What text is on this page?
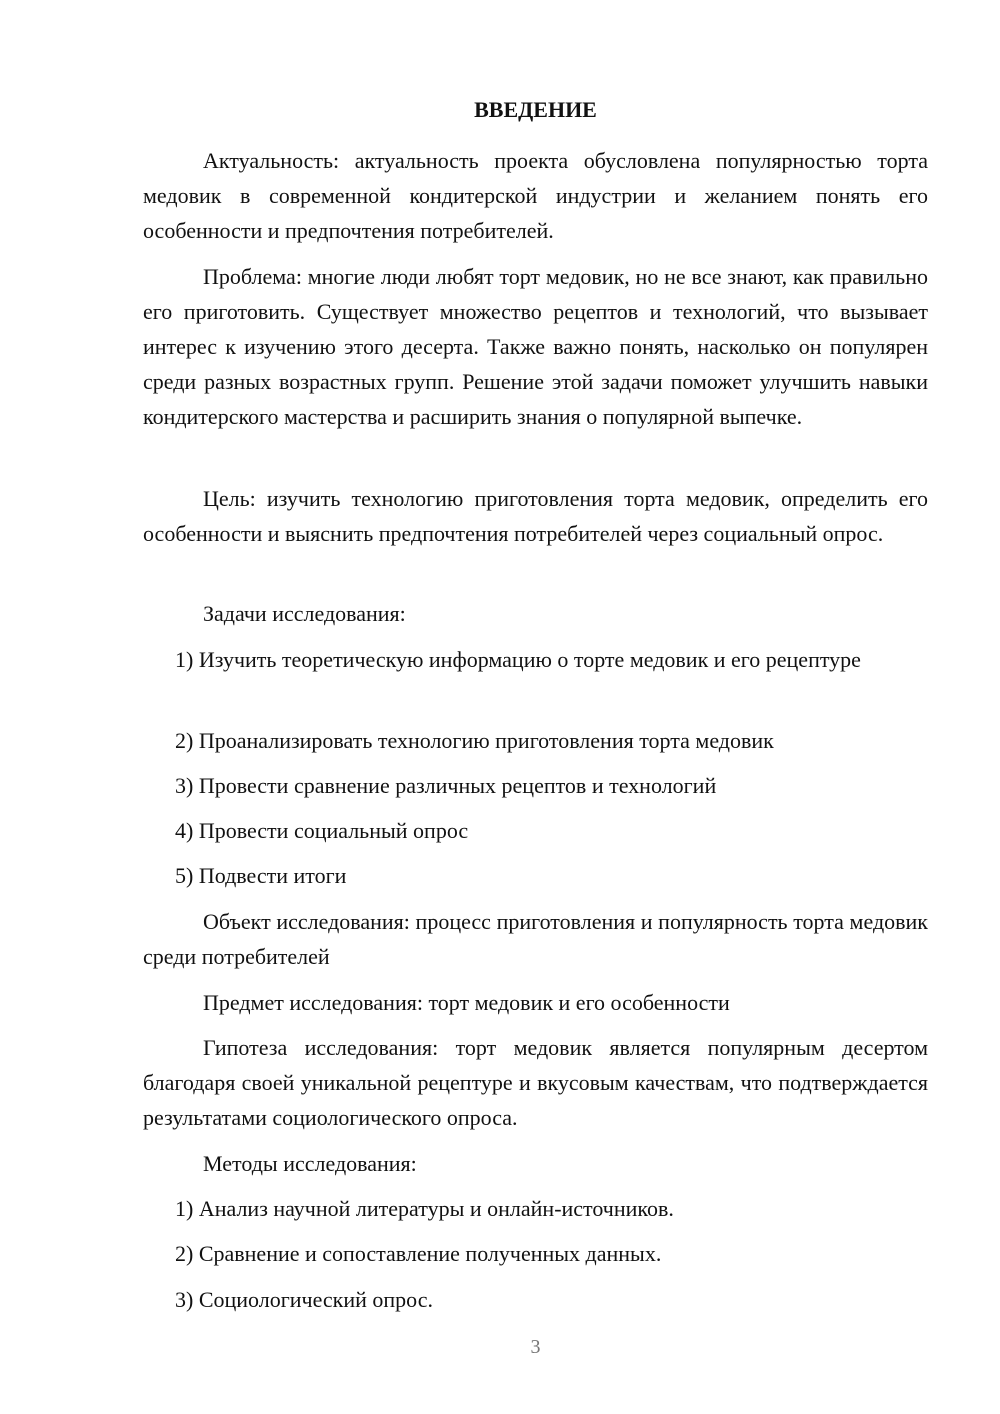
ВВЕДЕНИЕ

Актуальность: актуальность проекта обусловлена популярностью торта медовик в современной кондитерской индустрии и желанием понять его особенности и предпочтения потребителей.

Проблема: многие люди любят торт медовик, но не все знают, как правильно его приготовить. Существует множество рецептов и технологий, что вызывает интерес к изучению этого десерта. Также важно понять, насколько он популярен среди разных возрастных групп. Решение этой задачи поможет улучшить навыки кондитерского мастерства и расширить знания о популярной выпечке.

Цель: изучить технологию приготовления торта медовик, определить его особенности и выяснить предпочтения потребителей через социальный опрос.

Задачи исследования:

1) Изучить теоретическую информацию о торте медовик и его рецептуре

2) Проанализировать технологию приготовления торта медовик

3) Провести сравнение различных рецептов и технологий

4) Провести социальный опрос

5) Подвести итоги

Объект исследования: процесс приготовления и популярность торта медовик среди потребителей

Предмет исследования: торт медовик и его особенности

Гипотеза исследования: торт медовик является популярным десертом благодаря своей уникальной рецептуре и вкусовым качествам, что подтверждается результатами социологического опроса.

Методы исследования:

1) Анализ научной литературы и онлайн-источников.

2) Сравнение и сопоставление полученных данных.

3) Социологический опрос.

3
